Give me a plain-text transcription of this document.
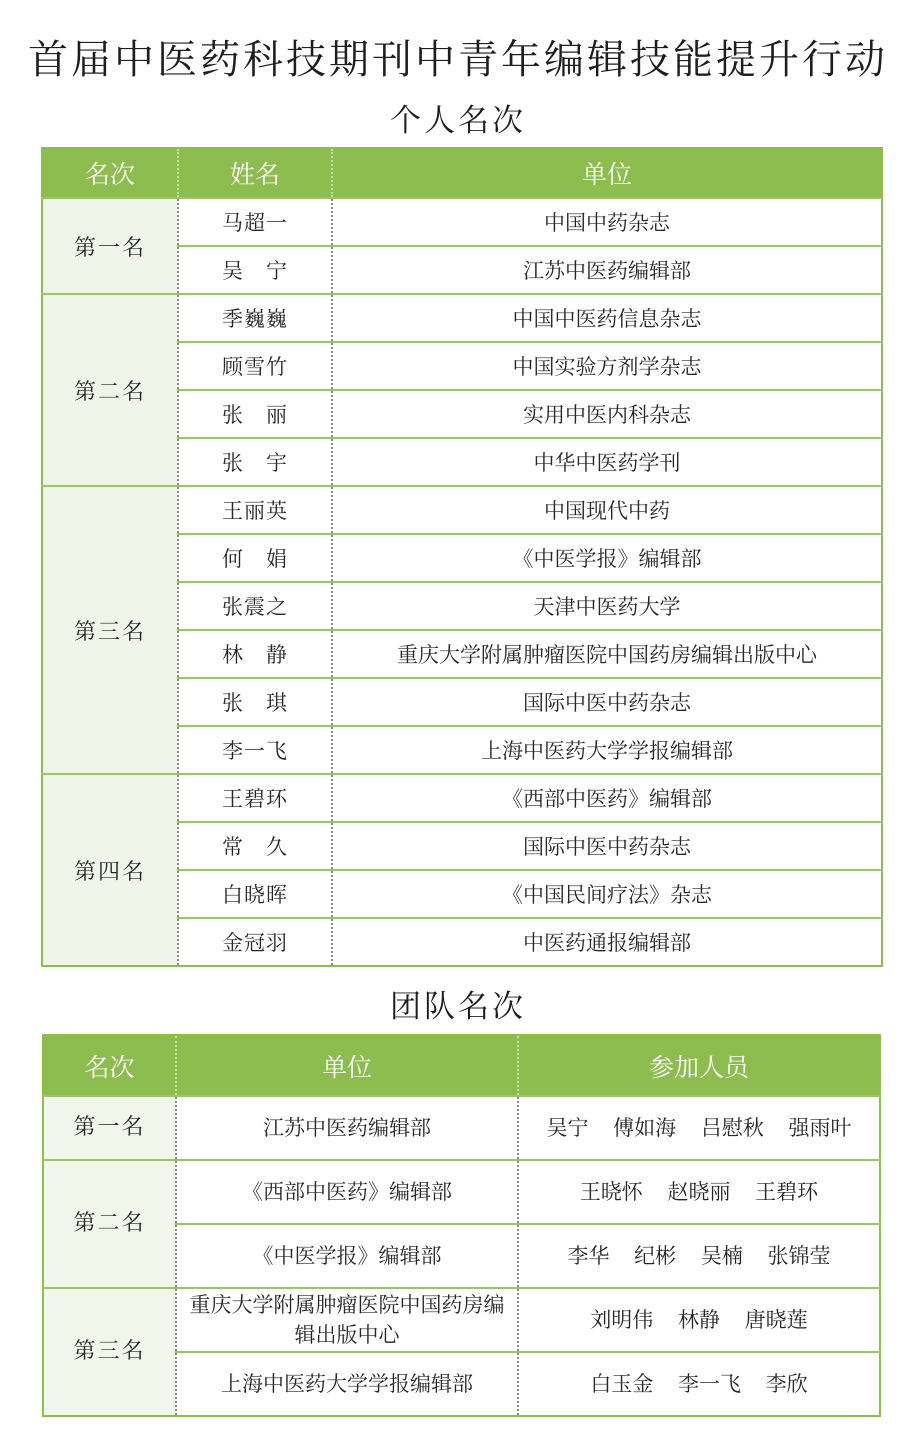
首届中医药科技期刊中青年编辑技能提升行动
个人名次
名次	姓名	单位
第一名	马超一	中国中药杂志
	吴　宁	江苏中医药编辑部
第二名	季巍巍	中国中医药信息杂志
	顾雪竹	中国实验方剂学杂志
	张　丽	实用中医内科杂志
	张　宇	中华中医药学刊
第三名	王丽英	中国现代中药
	何　娟	《中医学报》编辑部
	张震之	天津中医药大学
	林　静	重庆大学附属肿瘤医院中国药房编辑出版中心
	张　琪	国际中医中药杂志
	李一飞	上海中医药大学学报编辑部
第四名	王碧环	《西部中医药》编辑部
	常　久	国际中医中药杂志
	白晓晖	《中国民间疗法》杂志
	金冠羽	中医药通报编辑部
团队名次
名次	单位	参加人员
第一名	江苏中医药编辑部	吴宁 傅如海 吕慰秋 强雨叶
第二名	《西部中医药》编辑部	王晓怀 赵晓丽 王碧环
	《中医学报》编辑部	李华 纪彬 吴楠 张锦莹
第三名	重庆大学附属肿瘤医院中国药房编辑出版中心	刘明伟 林静 唐晓莲
	上海中医药大学学报编辑部	白玉金 李一飞 李欣
